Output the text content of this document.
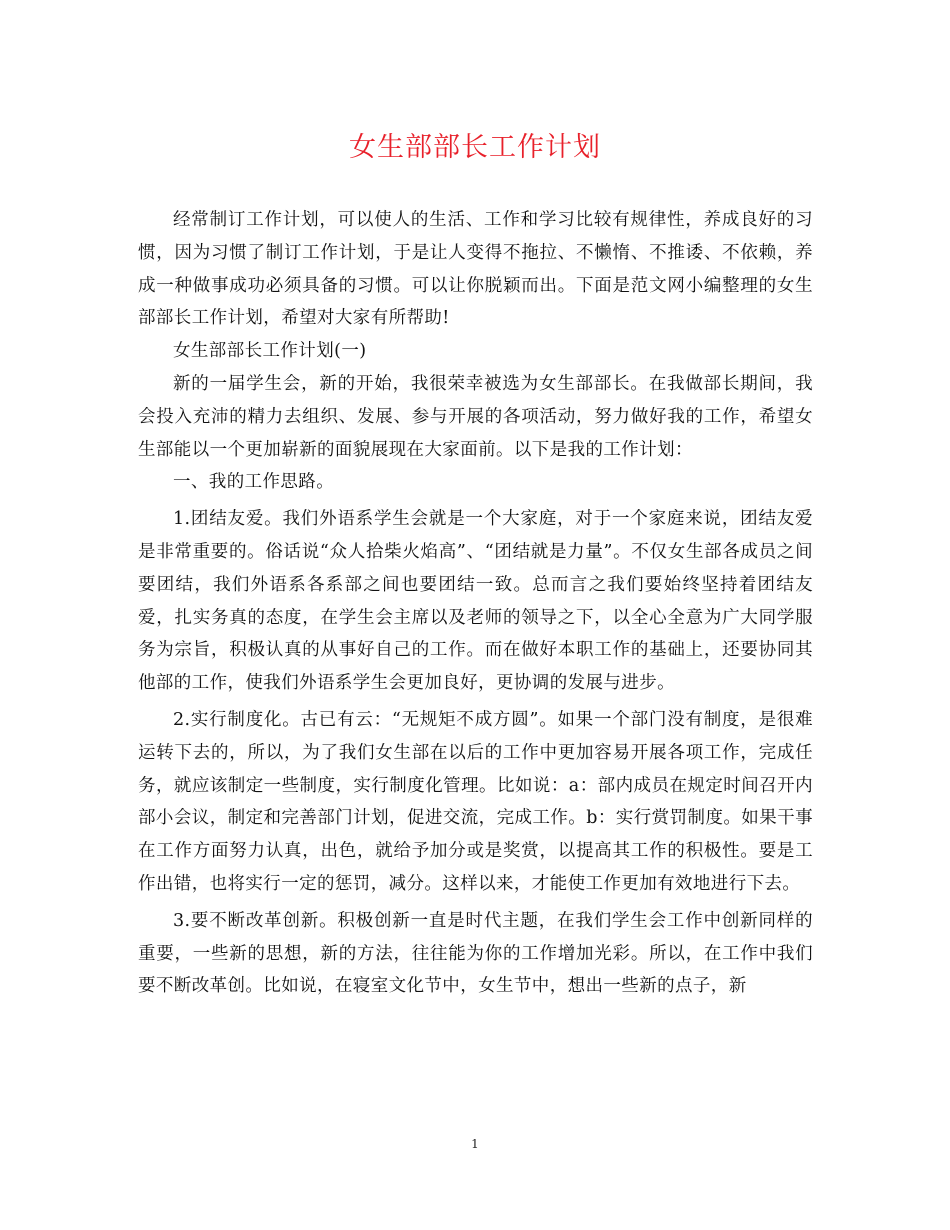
女生部部长工作计划

经常制订工作计划，可以使人的生活、工作和学习比较有规律性，养成良好的习惯，因为习惯了制订工作计划，于是让人变得不拖拉、不懒惰、不推诿、不依赖，养成一种做事成功必须具备的习惯。可以让你脱颖而出。下面是范文网小编整理的女生部部长工作计划，希望对大家有所帮助!

女生部部长工作计划(一)

新的一届学生会，新的开始，我很荣幸被选为女生部部长。在我做部长期间，我会投入充沛的精力去组织、发展、参与开展的各项活动，努力做好我的工作，希望女生部能以一个更加崭新的面貌展现在大家面前。以下是我的工作计划：

一、我的工作思路。

1.团结友爱。我们外语系学生会就是一个大家庭，对于一个家庭来说，团结友爱是非常重要的。俗话说“众人拾柴火焰高”、“团结就是力量”。不仅女生部各成员之间要团结，我们外语系各系部之间也要团结一致。总而言之我们要始终坚持着团结友爱，扎实务真的态度，在学生会主席以及老师的领导之下，以全心全意为广大同学服务为宗旨，积极认真的从事好自己的工作。而在做好本职工作的基础上，还要协同其他部的工作，使我们外语系学生会更加良好，更协调的发展与进步。

2.实行制度化。古已有云：“无规矩不成方圆”。如果一个部门没有制度，是很难运转下去的，所以，为了我们女生部在以后的工作中更加容易开展各项工作，完成任务，就应该制定一些制度，实行制度化管理。比如说：a：部内成员在规定时间召开内部小会议，制定和完善部门计划，促进交流，完成工作。b：实行赏罚制度。如果干事在工作方面努力认真，出色，就给予加分或是奖赏，以提高其工作的积极性。要是工作出错，也将实行一定的惩罚，减分。这样以来，才能使工作更加有效地进行下去。

3.要不断改革创新。积极创新一直是时代主题，在我们学生会工作中创新同样的重要，一些新的思想，新的方法，往往能为你的工作增加光彩。所以，在工作中我们要不断改革创。比如说，在寝室文化节中，女生节中，想出一些新的点子，新

1
